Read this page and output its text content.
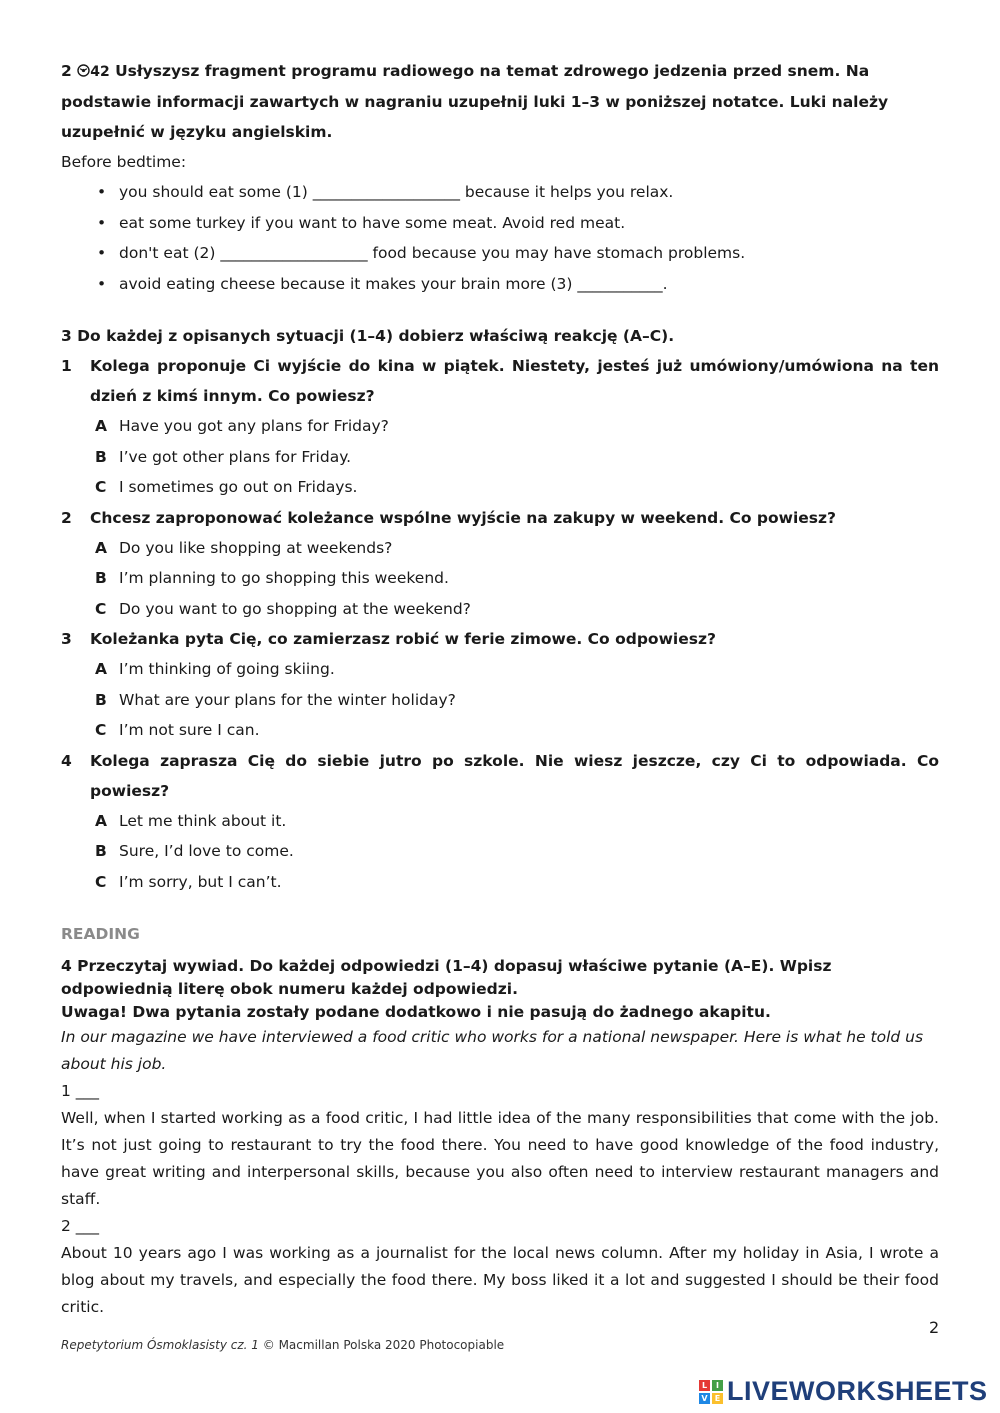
2 42 Usłyszysz fragment programu radiowego na temat zdrowego jedzenia przed snem. Na podstawie informacji zawartych w nagraniu uzupełnij luki 1–3 w poniższej notatce. Luki należy uzupełnić w języku angielskim.

Before bedtime:

• you should eat some (1) ___________________ because it helps you relax.
• eat some turkey if you want to have some meat. Avoid red meat.
• don't eat (2) ___________________ food because you may have stomach problems.
• avoid eating cheese because it makes your brain more (3) ___________.

3 Do każdej z opisanych sytuacji (1–4) dobierz właściwą reakcję (A–C).

1	Kolega proponuje Ci wyjście do kina w piątek. Niestety, jesteś już umówiony/umówiona na ten dzień z kimś innym. Co powiesz?
A Have you got any plans for Friday?
B I’ve got other plans for Friday.
C I sometimes go out on Fridays.
2	Chcesz zaproponować koleżance wspólne wyjście na zakupy w weekend. Co powiesz?
A Do you like shopping at weekends?
B I’m planning to go shopping this weekend.
C Do you want to go shopping at the weekend?
3	Koleżanka pyta Cię, co zamierzasz robić w ferie zimowe. Co odpowiesz?
A I’m thinking of going skiing.
B What are your plans for the winter holiday?
C I’m not sure I can.
4	Kolega zaprasza Cię do siebie jutro po szkole. Nie wiesz jeszcze, czy Ci to odpowiada. Co powiesz?
A Let me think about it.
B Sure, I’d love to come.
C I’m sorry, but I can’t.

READING

4 Przeczytaj wywiad. Do każdej odpowiedzi (1–4) dopasuj właściwe pytanie (A–E). Wpisz odpowiednią literę obok numeru każdej odpowiedzi.

Uwaga! Dwa pytania zostały podane dodatkowo i nie pasują do żadnego akapitu.

In our magazine we have interviewed a food critic who works for a national newspaper. Here is what he told us about his job.

1 ___

Well, when I started working as a food critic, I had little idea of the many responsibilities that come with the job. It’s not just going to restaurant to try the food there. You need to have good knowledge of the food industry, have great writing and interpersonal skills, because you also often need to interview restaurant managers and staff.

2 ___

About 10 years ago I was working as a journalist for the local news column. After my holiday in Asia, I wrote a blog about my travels, and especially the food there. My boss liked it a lot and suggested I should be their food critic.

2
Repetytorium Ósmoklasisty cz. 1 © Macmillan Polska 2020 Photocopiable
L	I
V E LIVEWORKSHEETS
